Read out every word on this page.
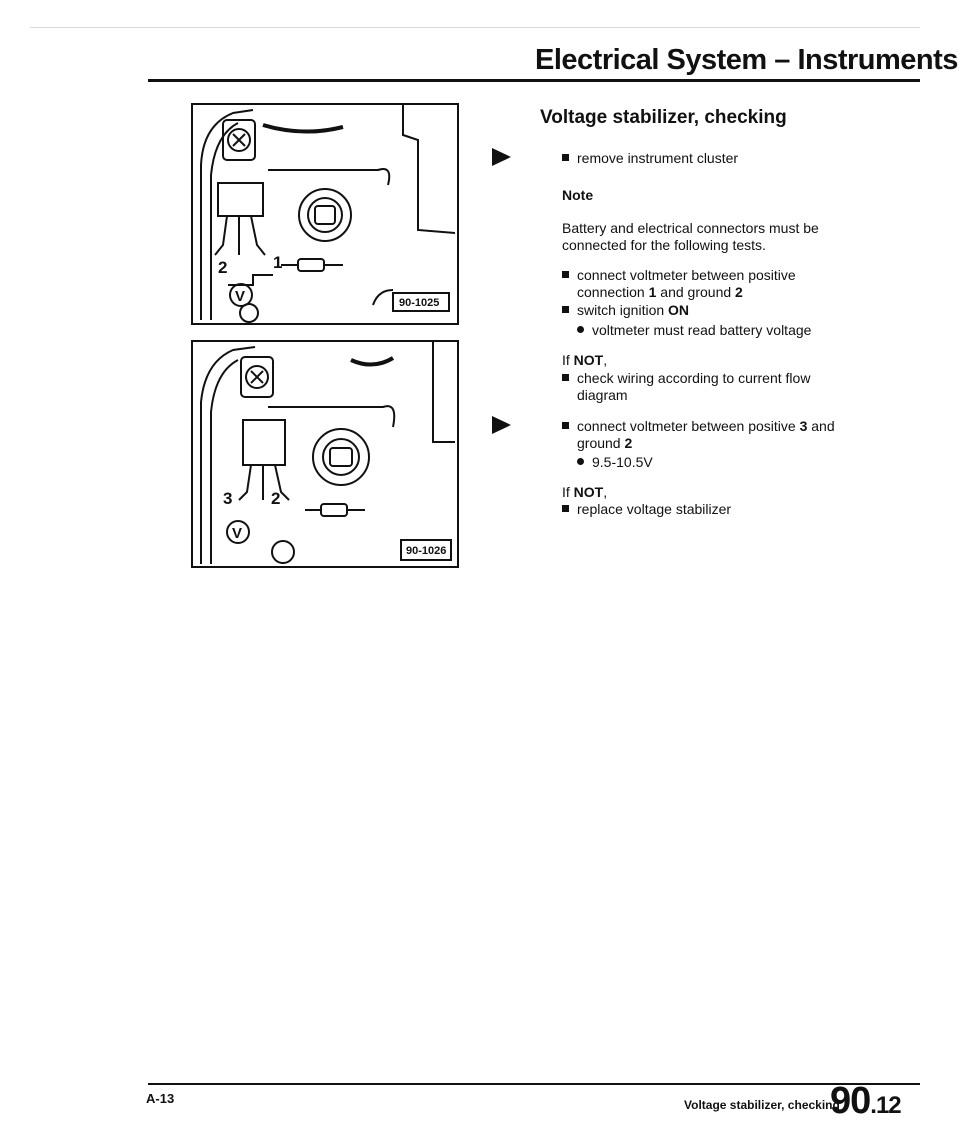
Electrical System – Instruments
2	1
V	90-1025
3 2
V
90-1026
Voltage stabilizer, checking
remove instrument cluster
Note
Battery and electrical connectors must be
connected for the following tests.
connect voltmeter between positive
connection 1 and ground 2
switch ignition ON
voltmeter must read battery voltage
If NOT,
check wiring according to current flow
diagram
connect voltmeter between positive 3 and
ground 2
9.5-10.5V
If NOT,
replace voltage stabilizer
A-13	Voltage stabilizer, checking
90.12
